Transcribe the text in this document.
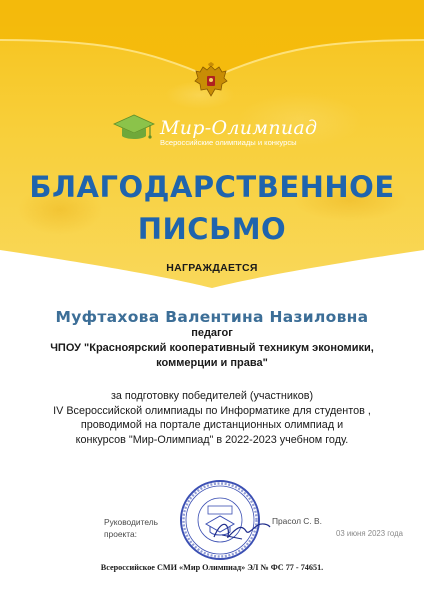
Мир-Олимпиад
Всероссийские олимпиады и конкурсы
БЛАГОДАРСТВЕННОЕ
ПИСЬМО
НАГРАЖДАЕТСЯ
Муфтахова Валентина Назиловна
педагог
ЧПОУ "Красноярский кооперативный техникум экономики, коммерции и права"
за подготовку победителей (участников)
IV Всероссийской олимпиады по Информатике для студентов ,
проводимой на портале дистанционных олимпиад и
конкурсов "Мир-Олимпиад" в 2022-2023 учебном году.
Руководитель
проекта:
Прасол С. В.
03 июня 2023 года
Всероссийское СМИ «Мир Олимпиад» ЭЛ № ФС 77 - 74651.
